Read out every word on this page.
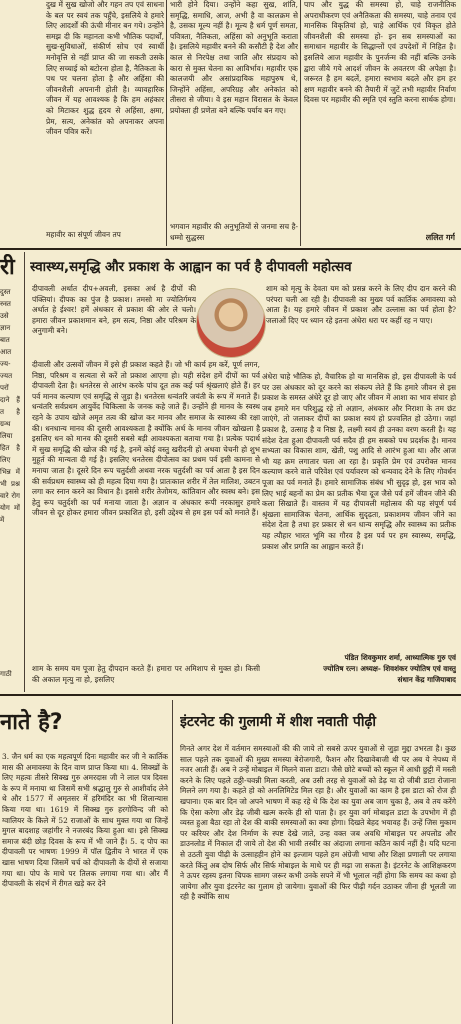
दुख में सुख खोजो और गहन तप एवं साधना के बल पर स्वयं तक पहुँचे, इसलिये वे हमारे लिए आदर्शों की ऊंची मीनार बन गये। उन्होंने समझ दी कि महानता कभी भौतिक पदार्थों, सुख-सुविधाओं, संकीर्ण सोच एवं स्वार्थी मनोवृत्ति से नहीं प्राप्त की जा सकती उसके लिए सच्चाई को बटोरना होता है, नैतिकता के पथ पर चलना होता है और अहिंसा की जीवनशैली अपनानी होती है। व्यावहारिक जीवन में यह आवश्यक है कि हम अहंकार को मिटाकर शुद्ध हृदय से अहिंसा, क्षमा, प्रेम, सत्य, अनेकांत को अपनाकर अपना जीवन पवित्र करें।

महावीर का संपूर्ण जीवन तप

भारी होने दिया। उन्होंने कहा सुख, शांति, समृद्धि, समाधि, आज, अभी है वा कालक्रम से है, उसका मूल्य नहीं है। मूल्य है धर्म पूर्ण समता, पवित्रता, नैतिकता, अहिंसा को अनुभूति कराता है। इसलिये महावीर बनने की कसौटी है देश और काल से निरपेक्ष तथा जाति और संप्रदाय को कारा से मुक्त चेतना का आविर्भाव। महावीर एक कालजयी और असांप्रदायिक महापुरुष थे, जिन्होंने अहिंसा, अपरिग्रह और अनेकांत को तीसरा से जीया। वे इस महान विरासत के केवल प्रयोक्ता ही प्रणेता बने बल्कि पर्याय बन गए।

भगवान महावीर की अनुभूतियों से जनमा सच है-धम्मो सुद्धस्स

पाप और युद्ध की समस्या हो, चाहे राजनीतिक अपराधीकरण एवं अनैतिकता की समस्या, चाहे तनाव एवं मानसिक विकृतियां हो, चाहे आर्थिक एवं विकृत होते जीवनशैली की समस्या हो- इन सब समस्याओं का समाधान महावीर के सिद्धान्तों एवं उपदेशों में निहित है। इसलिये आज महावीर के पुनर्जन्म की नहीं बल्कि उनके द्वारा जीये गये आदर्श जीवन के अवतरण की अपेक्षा है। जरूरत है हम बदलें, हमारा स्वभाव बदले और हम हर क्षण महावीर बनने की तैयारी में जुटें तभी महावीर निर्वाण दिवस पर महावीर की स्मृति एवं स्तुति करना सार्थक होगा।

ललित गर्ग
री

दुस्त रुस्त उसे ज्ञान बात आत ज्य- ज्यत परों दाने हैं त है ग्रन्थ लिया हित है लिए भिन्न में भी प्रश्न वारे रोग योग मों में

गाठी
स्वास्थ्य,समृद्धि और प्रकाश के आह्वान का पर्व है दीपावली महोत्सव

दीपावली अर्थात दीप+अवली, इसका अर्थ है दीपों की पंक्तियां। दीपक का पुंज है प्रकाश। तमसो मा ज्योतिर्गमय अर्थात हे ईश्वर! हमें अंधकार से प्रकाश की ओर ले चलो। हमारा जीवन प्रकाशमान बने, हम सत्य, निष्ठा और परिश्रम के अनुगामी बने।

दीवाली और उत्सवों जीवन में इसे ही प्रकाश कहते हैं। जो भी कार्य हम करें, पूर्ण लगन, निष्ठा, परिश्रम व सत्यता से करें तो प्रकाश आएगा हो। यही संदेश हमें दीपों का पर्व दीपावली देता है। धनतेरस से आरंभ करके पांच दूत तक कई पर्व श्रृंखलाएं होते हैं। हर पर्व मानव कल्याण एवं समृद्धि से जुड़ा है। धनतेरस धन्वंतरि जयंती के रूप में मनाते हैं। धन्वंतरि सर्वप्रथम आयुर्वेद चिकित्सा के जनक कहे जाते हैं। उन्होंने ही मानव के स्वस्थ रहने के उपाय खोजे अमृत तत्व की खोज कर मानव और समाज के स्वास्थ्य की रक्षा की। धनधान्य मानव की दूसरी आवश्यकता है क्योंकि अर्थ के मानव जीवन खोखला है इसलिए धन को मानव की दूसरी सबसे बड़ी आवश्यकता बताया गया है। प्रत्येक पदार्थ में सुख समृद्धि की खोज की गई है, इनमें कोई वस्तु खरीदनी हो अथवा चेचनी हो शुभ मुहूर्त की मान्यता दी गई है। इसलिए धनतेरस दीपोत्सव का प्रथम पर्व इसी कामना से मनाया जाता है। दूसरे दिन रूप चतुर्दशी अथवा नरक चतुर्दशी का पर्व आता है इस दिन की सर्वप्रथम स्वास्थ्य को ही महत्व दिया गया है। प्रातःकाल शरीर में तेल मालिश, उबटन लगा कर स्नान करने का विधान है। इससे शरीर तेजोमय, कांतिवान और स्वस्थ बने। इस हेतु रूप चतुर्दशी का पर्व मनाया जाता है। अज्ञान व अंधकार रूपी नरकासुर हमारे जीवन से दूर होकर हमारा जीवन प्रकाशित हो, इसी उद्देश्य से हम इस पर्व को मनाते हैं।

शाम के समय यम पूजा हेतु दीपदान करते हैं। हमारा पर अमिशाप से मुक्त हो। किसी की अकाल मृत्यु ना हो, इसलिए

शाम को मृत्यु के देवता यम को प्रसन्न करने के लिए दीप दान करने की परंपरा चली आ रही है। दीपावली का मुख्य पर्व कार्तिक अमावस्या को आता है। यह हमारे जीवन में प्रकाश और उल्लास का पर्व होता है? जलाओं दिए पर ध्यान रहे इतना अंधेरा धरा पर कहीं रह न पाए।

अंधेरा चाहे भौतिक हो, वैचारिक हो या मानसिक हो, इस दीपावली के पर्व पर उस अंधकार को दूर करने का संकल्प लेते हैं कि हमारे जीवन से इस प्रकाश के समस्त अंधेरे दूर हो जाए और जीवन में आशा का भाव संचार हो जब हमारे मन परिशुद्ध रहे तो अज्ञान, अंधकार और निराशा के तम छंट जाएंगे, तो जलाकर दीपों का प्रकाश स्वयं हो प्रज्वलित हो उठेगा। जहां प्रकाश है, उत्साह है व निष्ठा है, लक्ष्मी स्वयं ही उनका वरण करती है। यह संदेश देता हुआ दीपावली पर्व सदैव ही हम सबको पथ प्रदर्शक है। मानव सभ्यता का विकास शाम, खेती, पशु आदि से आरंभ हुआ था। और आज भी यह क्रम लगातार चला आ रहा है। प्रकृति प्रेम एवं उपरोक्त मानव कल्याण करने वाले परिवेश एवं पर्यावरण को धन्यवाद देने के लिए गोवर्धन पूजा का पर्व मनाते हैं। हमारे सामाजिक संबंध भी सुदृढ़ हो, इस भाव को लिए भाई बहनों का प्रेम का प्रतीक भैया दूज जैसे पर्व हमें जीवन जीने की कला सिखाते हैं। वास्तव में यह दीपावली महोत्सव की यह संपूर्ण पर्व श्रृंखला सामाजिक चेतना, आर्थिक सुदृढ़ता, प्रकाशमय जीवन जीने का संदेश देता है तथा हर प्रकार से धन धान्य समृद्धि और स्वास्थ्य का प्रतीक यह त्यौहार भारत भूमि का गौरव है इस पर्व पर हम स्वास्थ्य, समृद्धि, प्रकाश और प्रगति का आह्वान करते हैं।

पंडित शिवकुमार शर्मा, आध्यात्मिक गुरु एवं
ज्योतिष रत्न। अध्यक्ष- शिवशंकर ज्योतिष एवं वास्तु
संधान केंद्र गाजियाबाद
नाते है?

3. जैन धर्म का एक महत्वपूर्ण दिनः महावीर कर जी ने कार्तिक मास की अमावस्या के दिन वाण प्राप्त किया था। 4. सिक्खों के लिए महत्वः तीसरे सिक्ख गुरु अमरदास जी ने लाल पत्र दिवस के रूप में मनाया था जिसमें सभी श्रद्धालु गुरु से आशीर्वाद लेने थे और 1577 में अमृतसर में हरिमंदिर का भी शिलान्यास किया गया था। 1619 में सिक्ख गुरु हरगोविन्द जी को ग्वालियर के किले में 52 राजाओं के साथ मुक्त गया था जिन्हें मुगल बादशाह जहांगीर ने नजरबंद किया हुआ था। इसे सिक्ख समाज बंदी छोड़ दिवस के रूप में भी जाने हैं। 5. द पोप का दीपावली पर भाषणः 1999 में पॉल द्वितीय ने भारत में एक खास भाषण दिया जिसमें चर्च को दीपावली के दीयों से सजाया गया था। पोप के माथे पर तिलक लगाया गया था। और मैं दीपावली के संदर्भ में रीगत खड़े कर देने

इंटरनेट की गुलामी में शीश नवाती पीढ़ी

गिनते अगर देश में वर्तमान समस्याओं की की जाये तो सबसे ऊपर युवाओं से जुड़ा मुद्दा उभरता है। कुछ साल पहले तक युवाओं की मुख्य समस्या बेरोजगारी, फैशन और दिखावेबाजी थी पर अब ये नेपथ्य में नजर आती हैं। अब ने उन्हें मोबाइल में मिलने वाला डाटा। जैसे छोटे बच्चों को स्कूल में आधी छुट्टी में मस्ती करने के लिए पहले ठठ्ठी-चवन्नी मिला करती, अब उसी तरह से युवाओं को डेढ़ या दो जीबी डाटा रोजाना मिलने लग गया है। कहते हो को अनलिमिटेड मिल रहा है। और युवाओं का काम है इस डाटा को रोज ही खपाना। एक बार दिन जो अपने भाषण में कह रहे थे कि देश का युवा अब जाग चुका है, अब वे तय करेंगे कि ऐसा करेगा और डेढ़ जीबी खत्म करके ही सो पाता है। हर युवा वर्ग मोबाइल डाटा के उपभोग में ही व्यस्त हुआ बैठा रहा तो देश की बाकी समस्याओं का क्या होगा। दिखते बेहद भयावह हैं। उन्हें जिस मुकाम पर करियर और देश निर्माण के स्पष्ट देखे जाते, उन्ह वक्त जब अवधि मोबाइल पर अपलोड और डाउनलोड में निकाल दी जाये तो देश की भावी तस्वीर का अंदाजा लगाना कठिन कार्य नहीं है। यदि घटना से उठती युवा पीढ़ी के उत्साहहीन होने का इल्जाम पहले हम अंग्रेजी भाषा और शिक्षा प्रणाली पर लगाया करते किंतु अब दोष सिर्फ और सिर्फ मोबाइल के माथे पर ही मढ़ा जा सकता है। इंटरनेट के आशिक्षकरण ने ऊपर रहस्य इतना चिपक सामग जरूर कभी उनके सपने में भी भूलाल नहीं होगा कि समय का कथा हो जायेगा और युवा इंटरनेट का गुलाम हो जायेगा। युवाओं की फिर पीढ़ी गर्दन उठाकर जीना ही भूलती जा रही है क्योंकि साथ
